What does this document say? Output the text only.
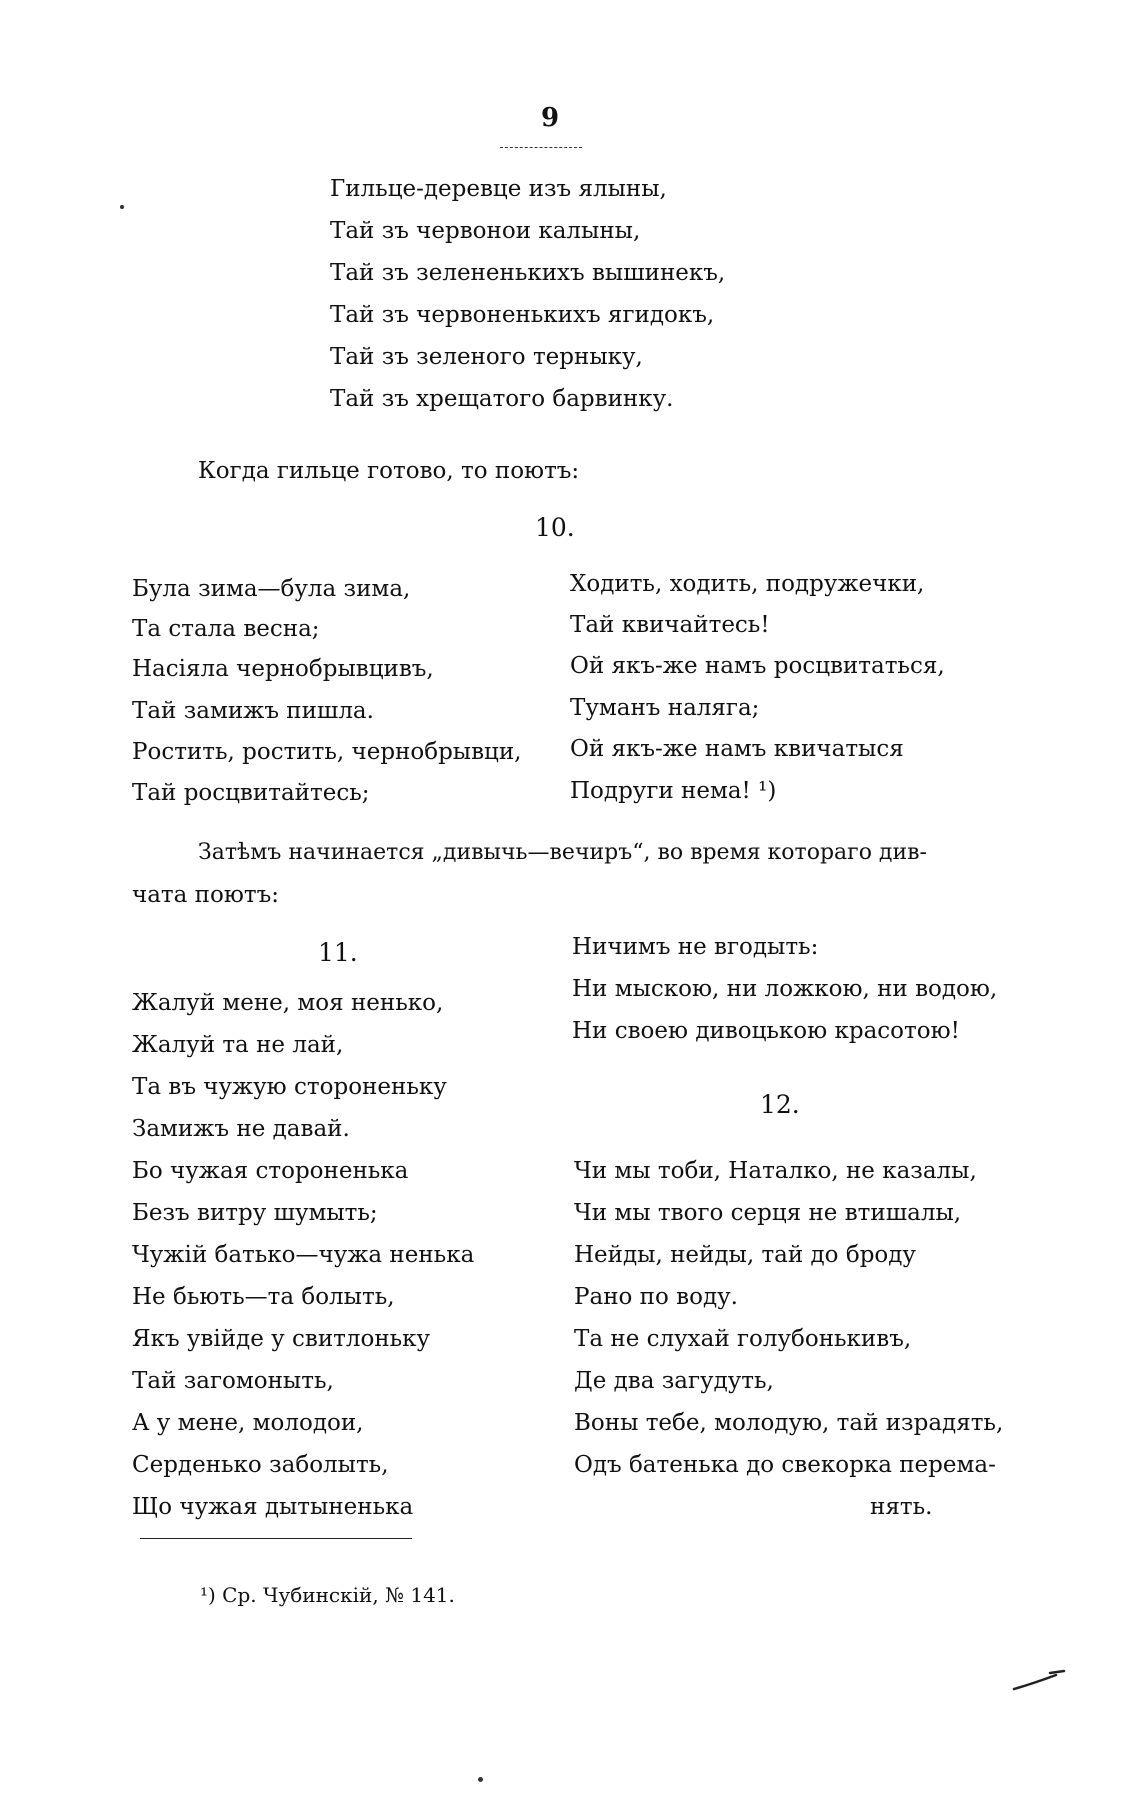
9
Гильце-деревце изъ ялыны,
Тай зъ червонои калыны,
Тай зъ зелененькихъ вышинекъ,
Тай зъ червоненькихъ ягидокъ,
Тай зъ зеленого терныку,
Тай зъ хрещатого барвинку.
Когда гильце готово, то поютъ:
10.
Була зима—була зима,
Та стала весна;
Насіяла чернобрывцивъ,
Тай замижъ пишла.
Ростить, ростить, чернобрывци,
Тай росцвитайтесь;
Ходить, ходить, подружечки,
Тай квичайтесь!
Ой якъ-же намъ росцвитаться,
Туманъ наляга;
Ой якъ-же намъ квичатыся
Подруги нема! ¹)
Затѣмъ начинается „дивычь—вечиръ“, во время котораго див-
чата поютъ:
11.
Жалуй мене, моя ненько,
Жалуй та не лай,
Та въ чужую стороненьку
Замижъ не давай.
Бо чужая стороненька
Безъ витру шумыть;
Чужій батько—чужа ненька
Не бьють—та болыть,
Якъ увійде у свитлоньку
Тай загомоныть,
А у мене, молодои,
Серденько заболыть,
Що чужая дытыненька
Ничимъ не вгодыть:
Ни мыскою, ни ложкою, ни водою,
Ни своею дивоцькою красотою!
12.
Чи мы тоби, Наталко, не казалы,
Чи мы твого серця не втишалы,
Нейды, нейды, тай до броду
Рано по воду.
Та не слухай голубонькивъ,
Де два загудуть,
Воны тебе, молодую, тай израдять,
Одъ батенька до свекорка перема-
нять.
¹) Ср. Чубинскій, № 141.
